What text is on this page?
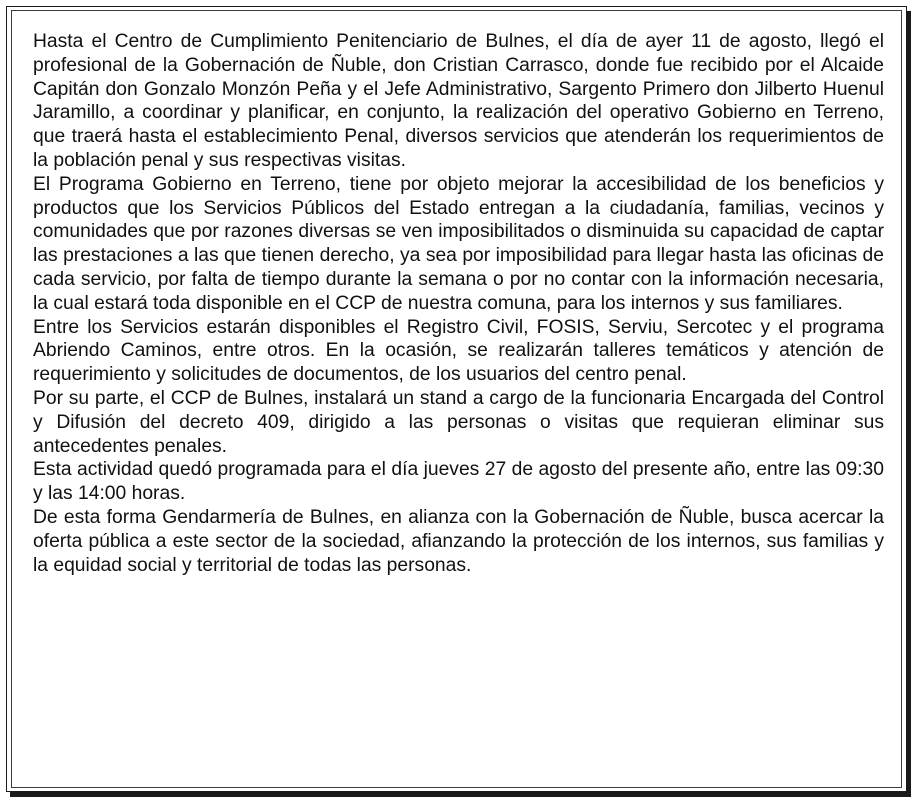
Hasta el Centro de Cumplimiento Penitenciario de Bulnes, el día de ayer 11 de agosto, llegó el profesional de la Gobernación de Ñuble, don Cristian Carrasco, donde fue recibido por el Alcaide Capitán don Gonzalo Monzón Peña y el Jefe Administrativo, Sargento Primero don Jilberto Huenul Jaramillo, a coordinar y planificar, en conjunto, la realización del operativo Gobierno en Terreno, que traerá hasta el establecimiento Penal, diversos servicios que atenderán los requerimientos de la población penal y sus respectivas visitas.

El Programa Gobierno en Terreno, tiene por objeto mejorar la accesibilidad de los beneficios y productos que los Servicios Públicos del Estado entregan a la ciudadanía, familias, vecinos y comunidades que por razones diversas se ven imposibilitados o disminuida su capacidad de captar las prestaciones a las que tienen derecho, ya sea por imposibilidad para llegar hasta las oficinas de cada servicio, por falta de tiempo durante la semana o por no contar con la información necesaria, la cual estará toda disponible en el CCP de nuestra comuna, para los internos y sus familiares.

Entre los Servicios estarán disponibles el Registro Civil, FOSIS, Serviu, Sercotec y el programa Abriendo Caminos, entre otros. En la ocasión, se realizarán talleres temáticos y atención de requerimiento y solicitudes de documentos, de los usuarios del centro penal.

Por su parte, el CCP de Bulnes, instalará un stand a cargo de la funcionaria Encargada del Control y Difusión del decreto 409, dirigido a las personas o visitas que requieran eliminar sus antecedentes penales.

Esta actividad quedó programada para el día jueves 27 de agosto del presente año, entre las 09:30 y las 14:00 horas.

De esta forma Gendarmería de Bulnes, en alianza con la Gobernación de Ñuble, busca acercar la oferta pública a este sector de la sociedad, afianzando la protección de los internos, sus familias y la equidad social y territorial de todas las personas.
